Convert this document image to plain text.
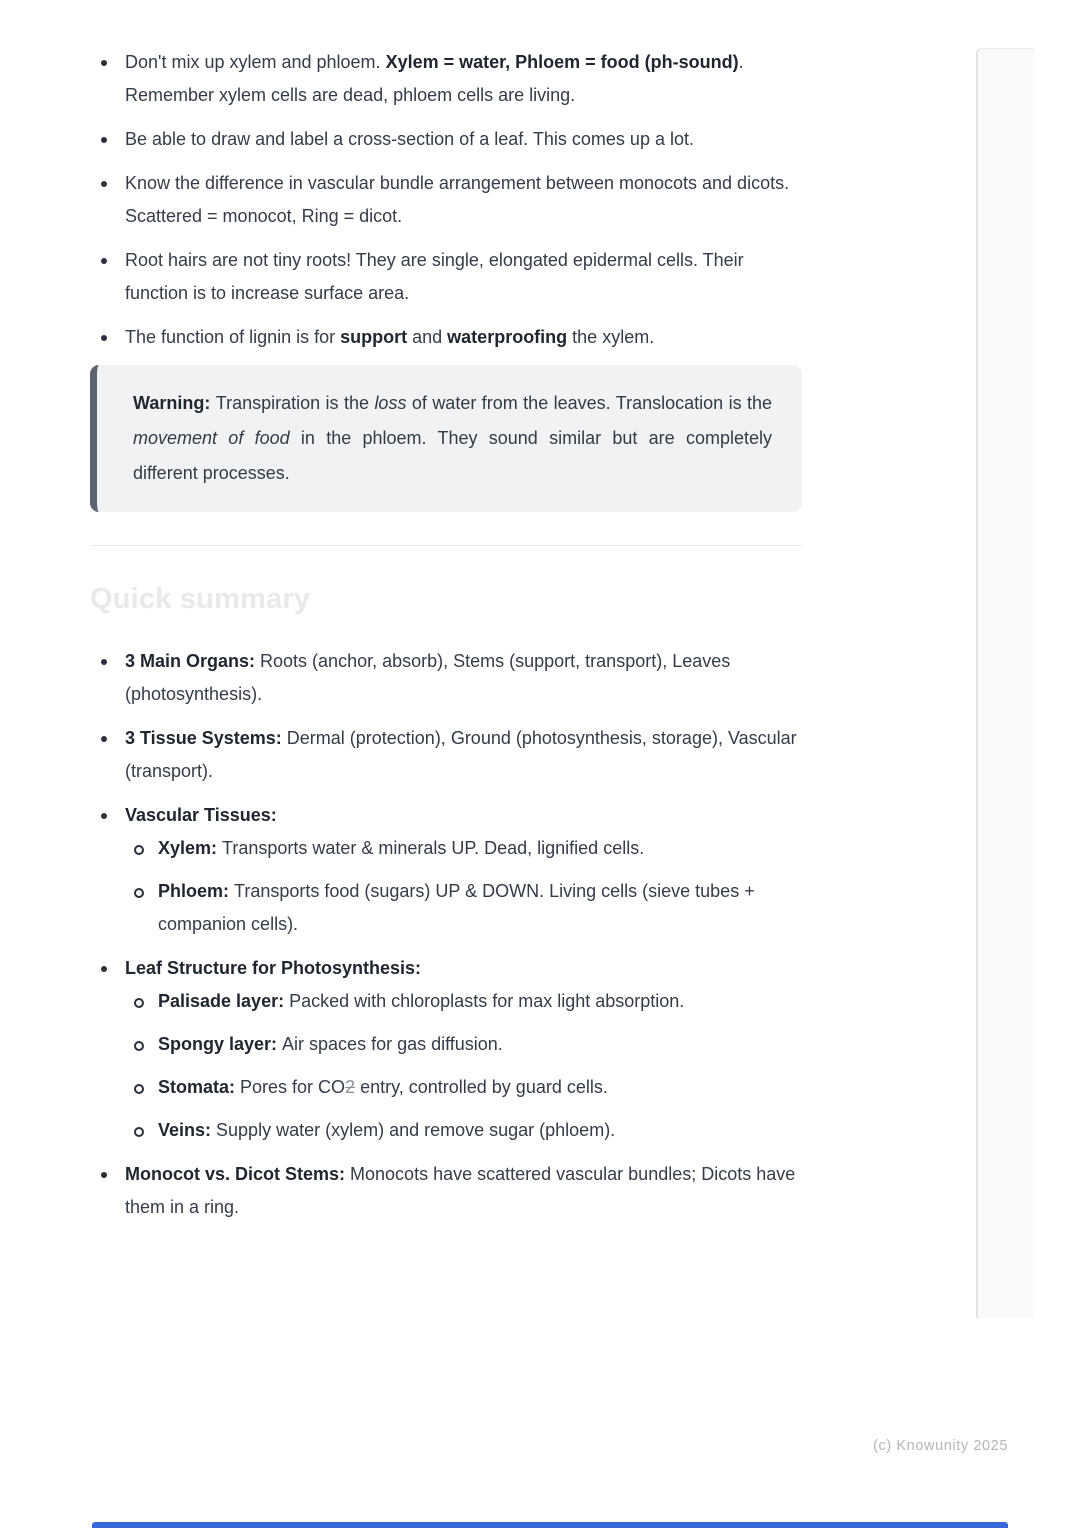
Don't mix up xylem and phloem. Xylem = water, Phloem = food (ph-sound). Remember xylem cells are dead, phloem cells are living.
Be able to draw and label a cross-section of a leaf. This comes up a lot.
Know the difference in vascular bundle arrangement between monocots and dicots. Scattered = monocot, Ring = dicot.
Root hairs are not tiny roots! They are single, elongated epidermal cells. Their function is to increase surface area.
The function of lignin is for support and waterproofing the xylem.

Warning: Transpiration is the loss of water from the leaves. Translocation is the movement of food in the phloem. They sound similar but are completely different processes.

Quick summary
3 Main Organs: Roots (anchor, absorb), Stems (support, transport), Leaves (photosynthesis).
3 Tissue Systems: Dermal (protection), Ground (photosynthesis, storage), Vascular (transport).
Vascular Tissues:
Xylem: Transports water & minerals UP. Dead, lignified cells.
Phloem: Transports food (sugars) UP & DOWN. Living cells (sieve tubes + companion cells).
Leaf Structure for Photosynthesis:
Palisade layer: Packed with chloroplasts for max light absorption.
Spongy layer: Air spaces for gas diffusion.
Stomata: Pores for CO2 entry, controlled by guard cells.
Veins: Supply water (xylem) and remove sugar (phloem).
Monocot vs. Dicot Stems: Monocots have scattered vascular bundles; Dicots have them in a ring.
(c) Knowunity 2025
